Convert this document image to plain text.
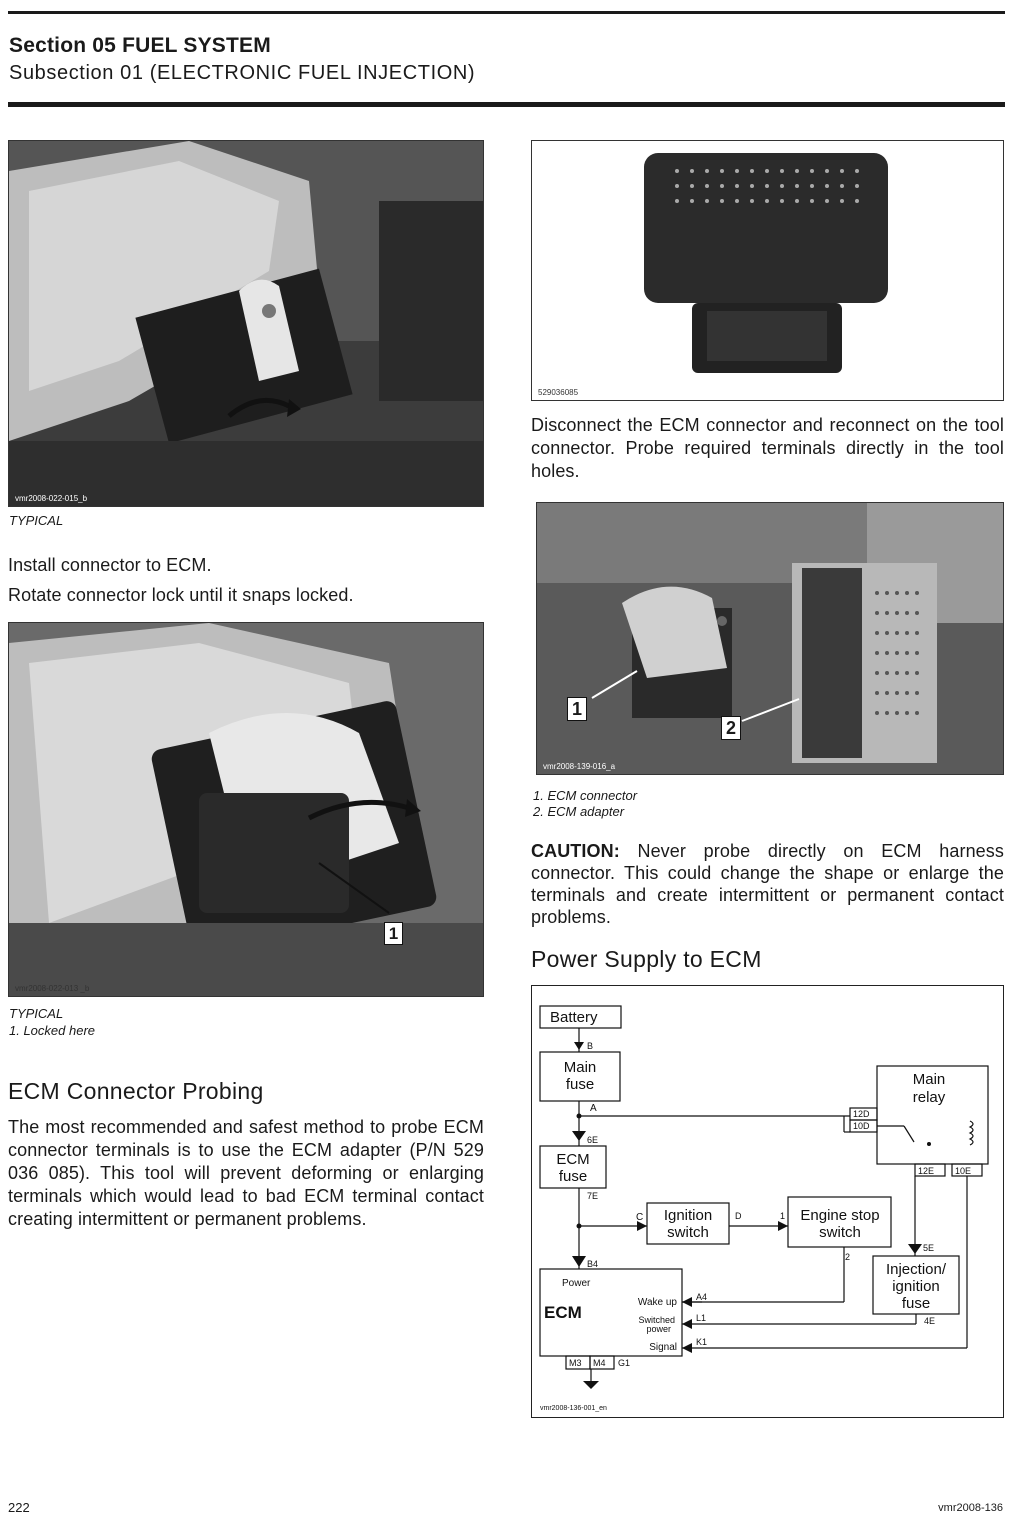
Section 05 FUEL SYSTEM

Subsection 01 (ELECTRONIC FUEL INJECTION)

vmr2008-022-015_b

TYPICAL

Install connector to ECM.

Rotate connector lock until it snaps locked.

1
vmr2008-022-013 _b

TYPICAL

1. Locked here

ECM Connector Probing

The most recommended and safest method to probe ECM connector terminals is to use the ECM adapter (P/N 529 036 085). This tool will prevent deforming or enlarging terminals which would lead to bad ECM terminal contact creating intermittent or permanent problems.

529036085

Disconnect the ECM connector and reconnect on the tool connector. Probe required terminals directly in the tool holes.

1
2
vmr2008-139-016_a

1. ECM connector

2. ECM adapter

CAUTION: Never probe directly on ECM harness connector. This could change the shape or enlarge the terminals and create intermittent or permanent contact problems.

Power Supply to ECM
Battery
B
Main
fuse
A
6E
Main
relay
12D
10D
12E 10E
ECM
fuse
7E
C
B4
Ignition
switch
D	1 Engine stop
switch
2
5E
Injection/
ignition
fuse
4E
Power
ECM
Wake up
Switched
power
Signal
A4
L1
K1
M3 M4 G1
vmr2008-136-001_en
222	vmr2008-136
